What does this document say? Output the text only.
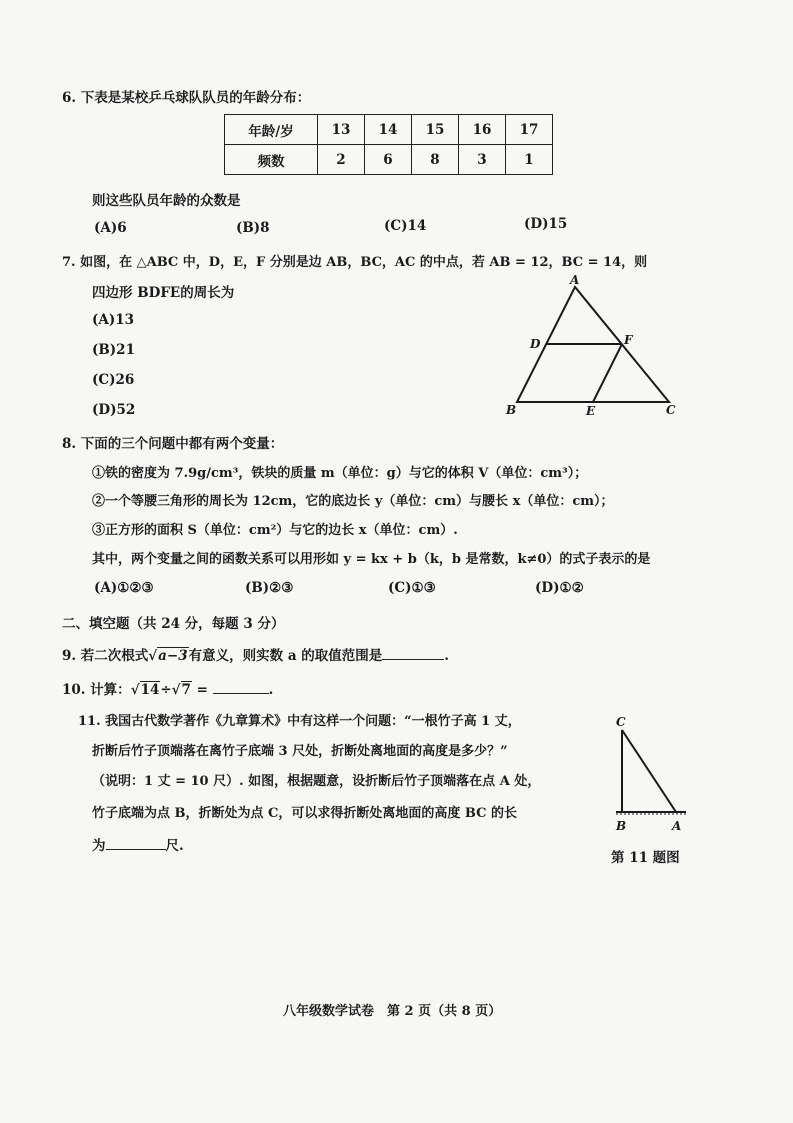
6. 下表是某校乒乓球队队员的年龄分布：
年龄/岁	13	14	15	16	17
频数	2	6	8	3	1
则这些队员年龄的众数是
(A)6	(B)8	(C)14	(D)15
7. 如图，在 △ABC 中，D，E，F 分别是边 AB，BC，AC 的中点，若 AB = 12，BC = 14，则
四边形 BDFE的周长为
(A)13
(B)21
(C)26
(D)52
A
D	F
B	E	C
8. 下面的三个问题中都有两个变量：
①铁的密度为 7.9g/cm³，铁块的质量 m（单位：g）与它的体积 V（单位：cm³）；
②一个等腰三角形的周长为 12cm，它的底边长 y（单位：cm）与腰长 x（单位：cm）；
③正方形的面积 S（单位：cm²）与它的边长 x（单位：cm）.
其中，两个变量之间的函数关系可以用形如 y = kx + b（k，b 是常数，k≠0）的式子表示的是
(A)①②③	(B)②③	(C)①③	(D)①②
二、填空题（共 24 分，每题 3 分）
9. 若二次根式√a−3有意义，则实数 a 的取值范围是	.
10. 计算：√14÷√7 =	.
11. 我国古代数学著作《九章算术》中有这样一个问题：“一根竹子高 1 丈，
折断后竹子顶端落在离竹子底端 3 尺处，折断处离地面的高度是多少？”
（说明：1 丈 = 10 尺）. 如图，根据题意，设折断后竹子顶端落在点 A 处，
竹子底端为点 B，折断处为点 C，可以求得折断处离地面的高度 BC 的长
为	尺.
C
B	A
第 11 题图
八年级数学试卷　第 2 页（共 8 页）
